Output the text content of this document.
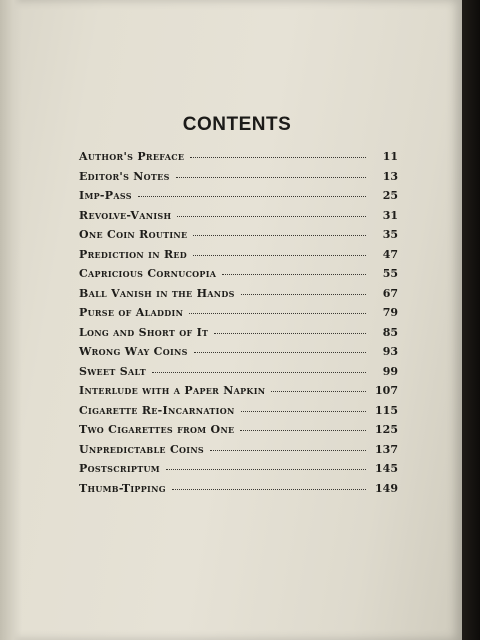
CONTENTS
Author's Preface	11
Editor's Notes	13
Imp-Pass	25
Revolve-Vanish	31
One Coin Routine	35
Prediction in Red	47
Capricious Cornucopia	55
Ball Vanish in the Hands	67
Purse of Aladdin	79
Long and Short of It	85
Wrong Way Coins	93
Sweet Salt	99
Interlude with a Paper Napkin	107
Cigarette Re-Incarnation	115
Two Cigarettes from One	125
Unpredictable Coins	137
Postscriptum	145
Thumb-Tipping	149
